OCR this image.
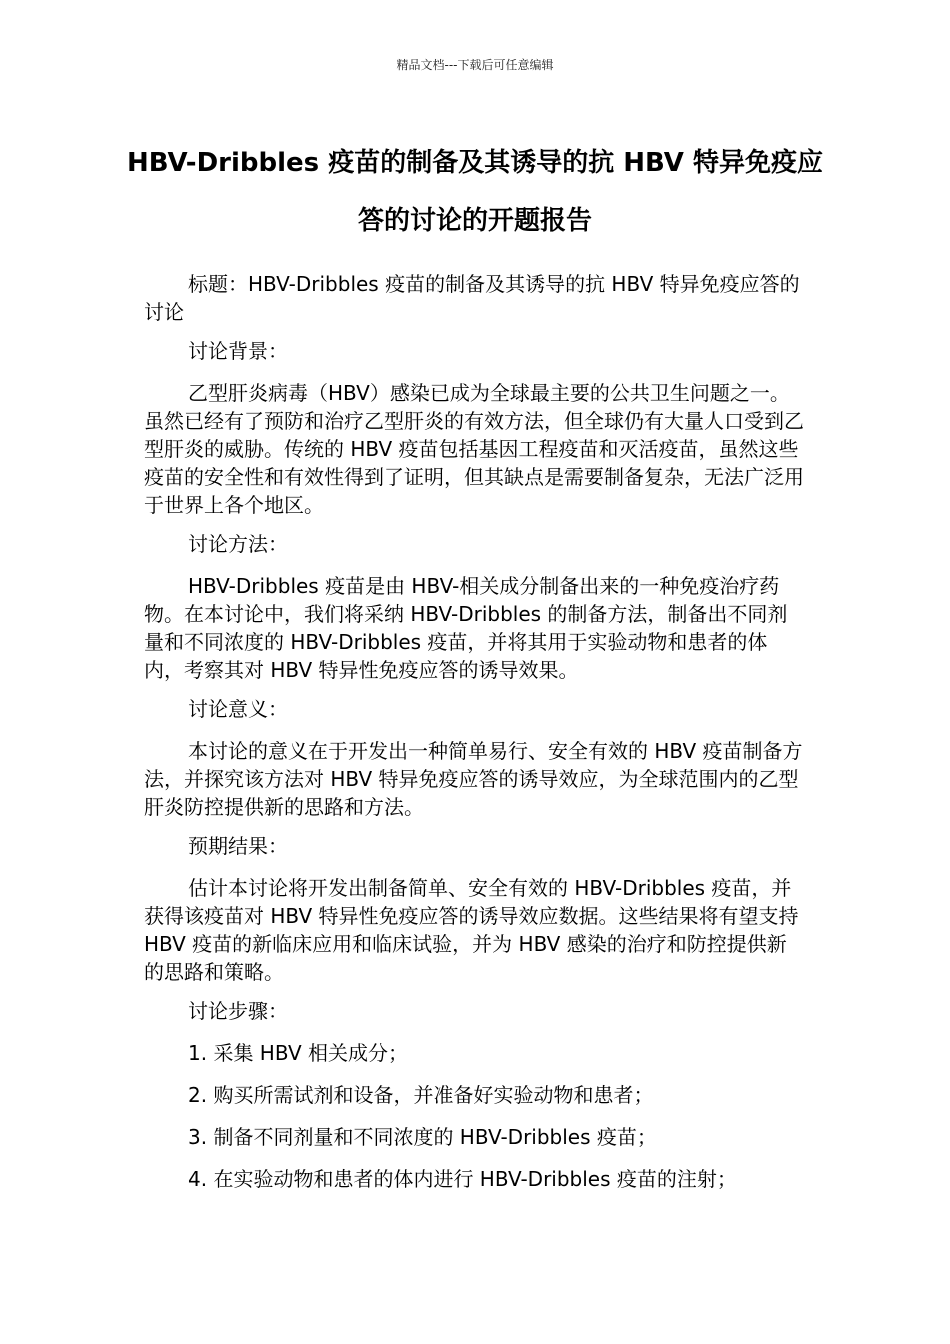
精品文档---下载后可任意编辑
HBV-Dribbles 疫苗的制备及其诱导的抗 HBV 特异免疫应答的讨论的开题报告

标题：HBV-Dribbles 疫苗的制备及其诱导的抗 HBV 特异免疫应答的讨论

讨论背景：

乙型肝炎病毒（HBV）感染已成为全球最主要的公共卫生问题之一。虽然已经有了预防和治疗乙型肝炎的有效方法，但全球仍有大量人口受到乙型肝炎的威胁。传统的 HBV 疫苗包括基因工程疫苗和灭活疫苗，虽然这些疫苗的安全性和有效性得到了证明，但其缺点是需要制备复杂，无法广泛用于世界上各个地区。

讨论方法：

HBV-Dribbles 疫苗是由 HBV-相关成分制备出来的一种免疫治疗药物。在本讨论中，我们将采纳 HBV-Dribbles 的制备方法，制备出不同剂量和不同浓度的 HBV-Dribbles 疫苗，并将其用于实验动物和患者的体内，考察其对 HBV 特异性免疫应答的诱导效果。

讨论意义：

本讨论的意义在于开发出一种简单易行、安全有效的 HBV 疫苗制备方法，并探究该方法对 HBV 特异免疫应答的诱导效应，为全球范围内的乙型肝炎防控提供新的思路和方法。

预期结果：

估计本讨论将开发出制备简单、安全有效的 HBV-Dribbles 疫苗，并获得该疫苗对 HBV 特异性免疫应答的诱导效应数据。这些结果将有望支持 HBV 疫苗的新临床应用和临床试验，并为 HBV 感染的治疗和防控提供新的思路和策略。

讨论步骤：

1. 采集 HBV 相关成分；

2. 购买所需试剂和设备，并准备好实验动物和患者；

3. 制备不同剂量和不同浓度的 HBV-Dribbles 疫苗；

4. 在实验动物和患者的体内进行 HBV-Dribbles 疫苗的注射；
